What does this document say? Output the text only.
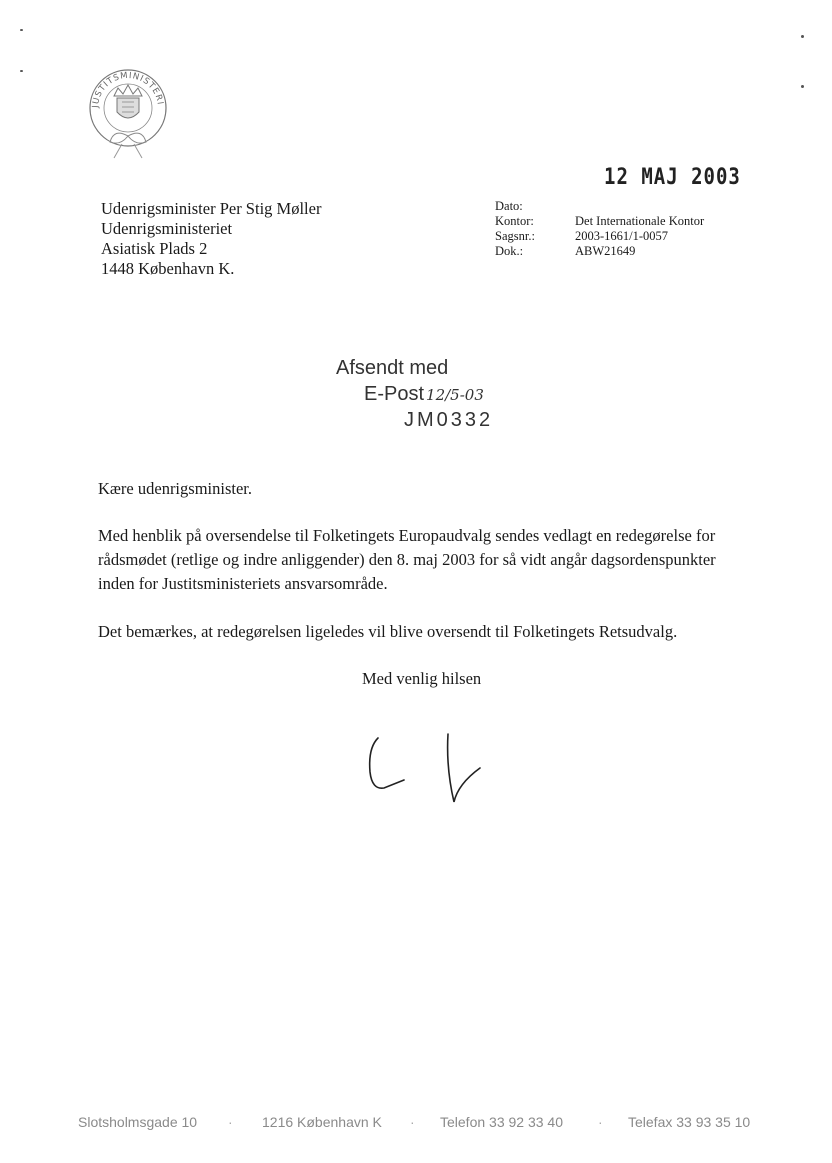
JUSTITSMINISTERI
12 MAJ 2003
Udenrigsminister Per Stig Møller
Udenrigsministeriet
Asiatisk Plads 2
1448 København K.
Dato:
Kontor:
Sagsnr.:
Dok.:
Det Internationale Kontor
2003-1661/1-0057
ABW21649
Afsendt med
E-Post 12/5-03
JM0332
Kære udenrigsminister.
Med henblik på oversendelse til Folketingets Europaudvalg sendes vedlagt en redegørelse for rådsmødet (retlige og indre anliggender) den 8. maj 2003 for så vidt angår dagsordenspunkter inden for Justitsministeriets ansvarsområde.
Det bemærkes, at redegørelsen ligeledes vil blive oversendt til Folketingets Retsudvalg.
Med venlig hilsen
Slotsholmsgade 10 · 1216 København K · Telefon 33 92 33 40	· Telefax 33 93 35 10
